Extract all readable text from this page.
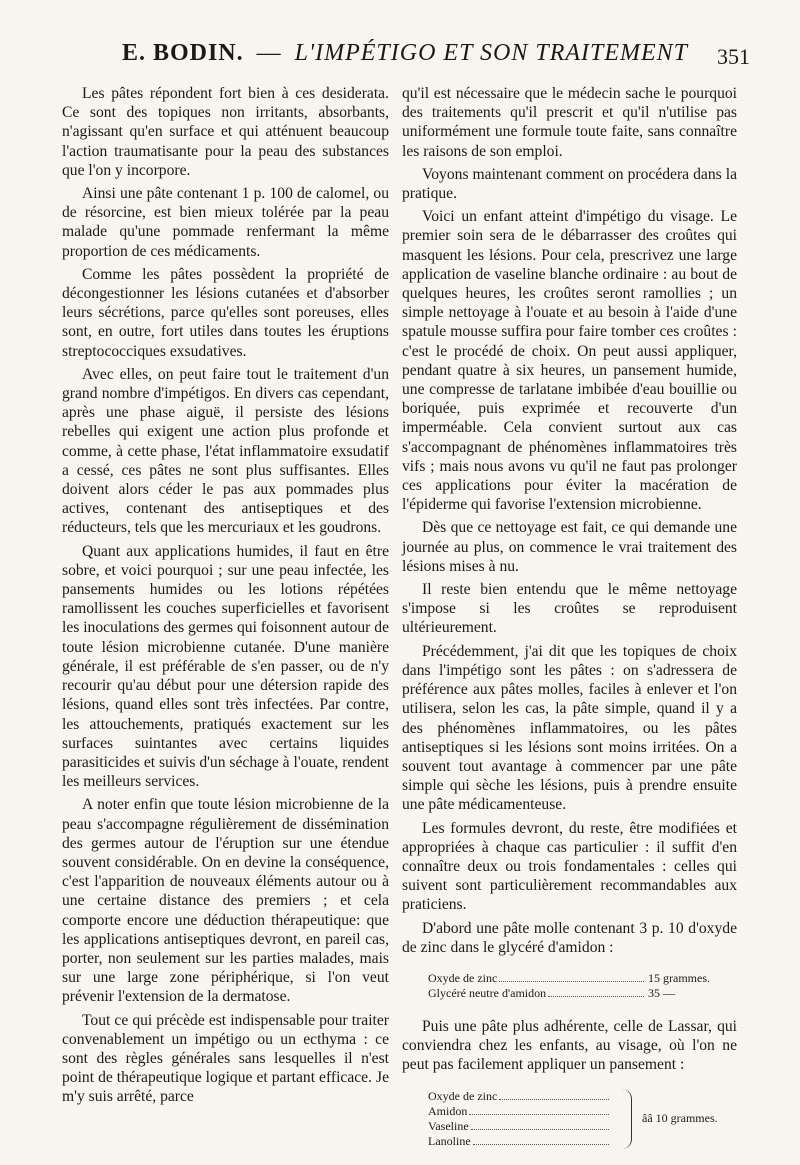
E. BODIN. — L'IMPÉTIGO ET SON TRAITEMENT	351

Les pâtes répondent fort bien à ces desiderata. Ce sont des topiques non irritants, absorbants, n'agissant qu'en surface et qui atténuent beaucoup l'action traumatisante pour la peau des substances que l'on y incorpore.

Ainsi une pâte contenant 1 p. 100 de calomel, ou de résorcine, est bien mieux tolérée par la peau malade qu'une pommade renfermant la même proportion de ces médicaments.

Comme les pâtes possèdent la propriété de décongestionner les lésions cutanées et d'absorber leurs sécrétions, parce qu'elles sont poreuses, elles sont, en outre, fort utiles dans toutes les éruptions streptococciques exsudatives.

Avec elles, on peut faire tout le traitement d'un grand nombre d'impétigos. En divers cas cependant, après une phase aiguë, il persiste des lésions rebelles qui exigent une action plus profonde et comme, à cette phase, l'état inflammatoire exsudatif a cessé, ces pâtes ne sont plus suffisantes. Elles doivent alors céder le pas aux pommades plus actives, contenant des antiseptiques et des réducteurs, tels que les mercuriaux et les goudrons.

Quant aux applications humides, il faut en être sobre, et voici pourquoi ; sur une peau infectée, les pansements humides ou les lotions répétées ramollissent les couches superficielles et favorisent les inoculations des germes qui foisonnent autour de toute lésion microbienne cutanée. D'une manière générale, il est préférable de s'en passer, ou de n'y recourir qu'au début pour une détersion rapide des lésions, quand elles sont très infectées. Par contre, les attouchements, pratiqués exactement sur les surfaces suintantes avec certains liquides parasiticides et suivis d'un séchage à l'ouate, rendent les meilleurs services.

A noter enfin que toute lésion microbienne de la peau s'accompagne régulièrement de dissémination des germes autour de l'éruption sur une étendue souvent considérable. On en devine la conséquence, c'est l'apparition de nouveaux éléments autour ou à une certaine distance des premiers ; et cela comporte encore une déduction thérapeutique: que les applications antiseptiques devront, en pareil cas, porter, non seulement sur les parties malades, mais sur une large zone périphérique, si l'on veut prévenir l'extension de la dermatose.

Tout ce qui précède est indispensable pour traiter convenablement un impétigo ou un ecthyma : ce sont des règles générales sans lesquelles il n'est point de thérapeutique logique et partant efficace. Je m'y suis arrêté, parce

qu'il est nécessaire que le médecin sache le pourquoi des traitements qu'il prescrit et qu'il n'utilise pas uniformément une formule toute faite, sans connaître les raisons de son emploi.

Voyons maintenant comment on procédera dans la pratique.

Voici un enfant atteint d'impétigo du visage. Le premier soin sera de le débarrasser des croûtes qui masquent les lésions. Pour cela, prescrivez une large application de vaseline blanche ordinaire : au bout de quelques heures, les croûtes seront ramollies ; un simple nettoyage à l'ouate et au besoin à l'aide d'une spatule mousse suffira pour faire tomber ces croûtes : c'est le procédé de choix. On peut aussi appliquer, pendant quatre à six heures, un pansement humide, une compresse de tarlatane imbibée d'eau bouillie ou boriquée, puis exprimée et recouverte d'un imperméable. Cela convient surtout aux cas s'accompagnant de phénomènes inflammatoires très vifs ; mais nous avons vu qu'il ne faut pas prolonger ces applications pour éviter la macération de l'épiderme qui favorise l'extension microbienne.

Dès que ce nettoyage est fait, ce qui demande une journée au plus, on commence le vrai traitement des lésions mises à nu.

Il reste bien entendu que le même nettoyage s'impose si les croûtes se reproduisent ultérieurement.

Précédemment, j'ai dit que les topiques de choix dans l'impétigo sont les pâtes : on s'adressera de préférence aux pâtes molles, faciles à enlever et l'on utilisera, selon les cas, la pâte simple, quand il y a des phénomènes inflammatoires, ou les pâtes antiseptiques si les lésions sont moins irritées. On a souvent tout avantage à commencer par une pâte simple qui sèche les lésions, puis à prendre ensuite une pâte médicamenteuse.

Les formules devront, du reste, être modifiées et appropriées à chaque cas particulier : il suffit d'en connaître deux ou trois fondamentales : celles qui suivent sont particulièrement recommandables aux praticiens.

D'abord une pâte molle contenant 3 p. 10 d'oxyde de zinc dans le glycéré d'amidon :

Oxyde de zinc	15 grammes.
Glycéré neutre d'amidon	35 —

Puis une pâte plus adhérente, celle de Lassar, qui conviendra chez les enfants, au visage, où l'on ne peut pas facilement appliquer un pansement :

Oxyde de zinc
Amidon
Vaseline
Lanoline
ââ 10 grammes.
